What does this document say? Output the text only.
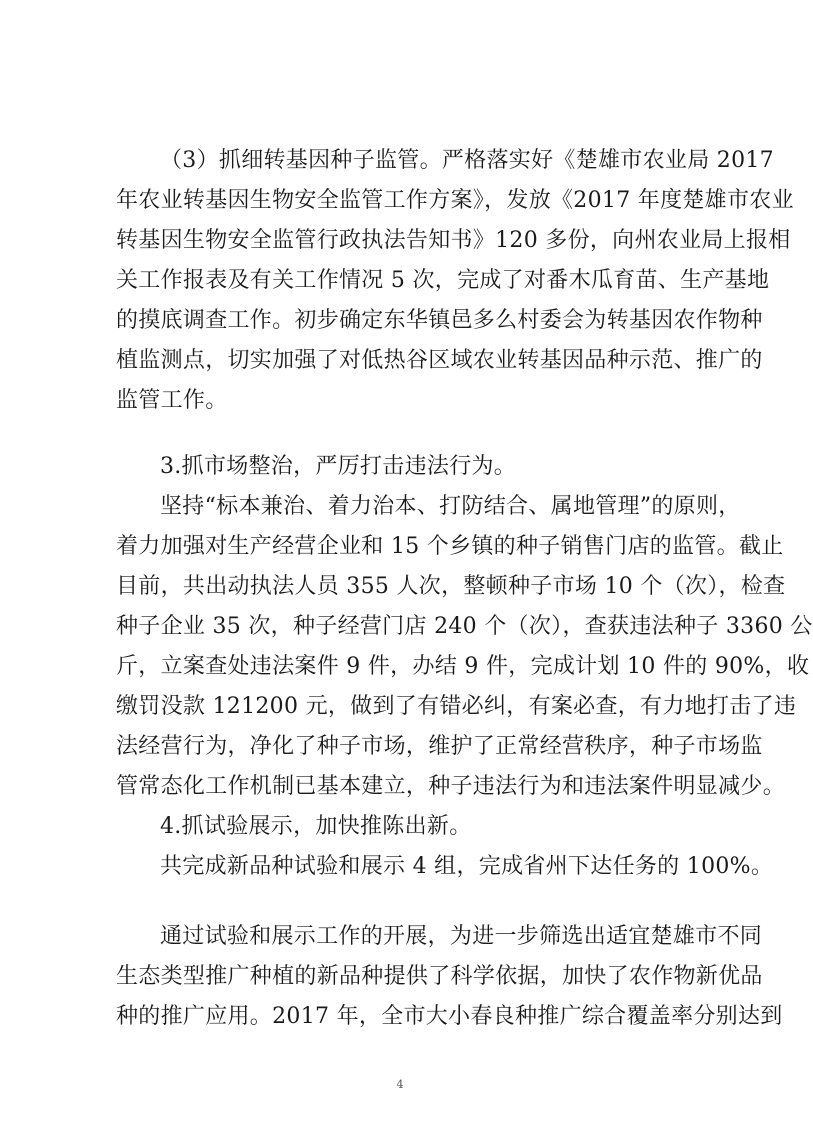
（3）抓细转基因种子监管。严格落实好《楚雄市农业局 2017
年农业转基因生物安全监管工作方案》，发放《2017 年度楚雄市农业
转基因生物安全监管行政执法告知书》120 多份，向州农业局上报相
关工作报表及有关工作情况 5 次，完成了对番木瓜育苗、生产基地
的摸底调查工作。初步确定东华镇邑多么村委会为转基因农作物种
植监测点，切实加强了对低热谷区域农业转基因品种示范、推广的
监管工作。
3.抓市场整治，严厉打击违法行为。
坚持“标本兼治、着力治本、打防结合、属地管理”的原则，
着力加强对生产经营企业和 15 个乡镇的种子销售门店的监管。截止
目前，共出动执法人员 355 人次，整顿种子市场 10 个（次），检查
种子企业 35 次，种子经营门店 240 个（次），查获违法种子 3360 公
斤，立案查处违法案件 9 件，办结 9 件，完成计划 10 件的 90%，收
缴罚没款 121200 元，做到了有错必纠，有案必查，有力地打击了违
法经营行为，净化了种子市场，维护了正常经营秩序，种子市场监
管常态化工作机制已基本建立，种子违法行为和违法案件明显减少。
4.抓试验展示，加快推陈出新。
共完成新品种试验和展示 4 组，完成省州下达任务的 100%。
通过试验和展示工作的开展，为进一步筛选出适宜楚雄市不同
生态类型推广种植的新品种提供了科学依据，加快了农作物新优品
种的推广应用。2017 年，全市大小春良种推广综合覆盖率分别达到
4
